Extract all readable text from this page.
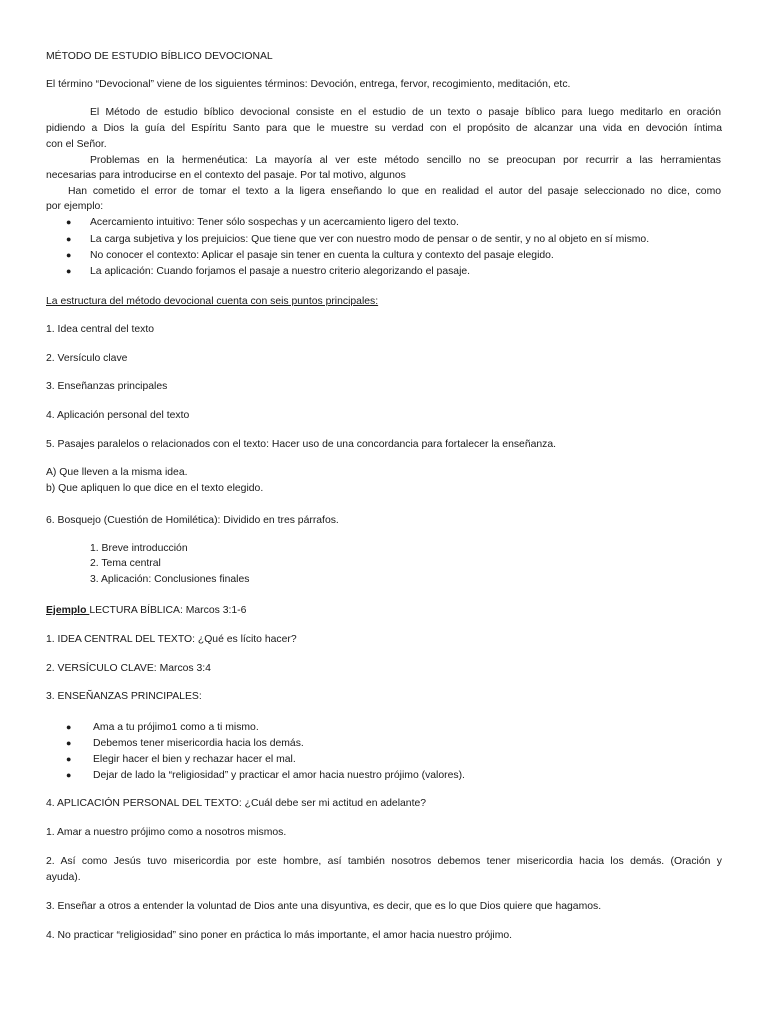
MÉTODO DE ESTUDIO BÍBLICO DEVOCIONAL
El término “Devocional” viene de los siguientes términos: Devoción, entrega, fervor, recogimiento, meditación, etc.
El Método de estudio bíblico devocional consiste en el estudio de un texto o pasaje bíblico para luego meditarlo en oración
pidiendo a Dios la guía del Espíritu Santo para que le muestre su verdad con el propósito de alcanzar una vida en devoción íntima
con el Señor.
Problemas en la hermenéutica: La mayoría al ver este método sencillo no se preocupan por recurrir a las herramientas
necesarias para introducirse en el contexto del pasaje. Por tal motivo, algunos
Han cometido el error de tomar el texto a la ligera enseñando lo que en realidad el autor del pasaje seleccionado no dice, como
por ejemplo:
● Acercamiento intuitivo: Tener sólo sospechas y un acercamiento ligero del texto.
● La carga subjetiva y los prejuicios: Que tiene que ver con nuestro modo de pensar o de sentir, y no al objeto en sí mismo.
● No conocer el contexto: Aplicar el pasaje sin tener en cuenta la cultura y contexto del pasaje elegido.
● La aplicación: Cuando forjamos el pasaje a nuestro criterio alegorizando el pasaje.
La estructura del método devocional cuenta con seis puntos principales:
1. Idea central del texto
2. Versículo clave
3. Enseñanzas principales
4. Aplicación personal del texto
5. Pasajes paralelos o relacionados con el texto: Hacer uso de una concordancia para fortalecer la enseñanza.
A) Que lleven a la misma idea.
b) Que apliquen lo que dice en el texto elegido.
6. Bosquejo (Cuestión de Homilética): Dividido en tres párrafos.
1. Breve introducción
2. Tema central
3. Aplicación: Conclusiones finales
Ejemplo LECTURA BÍBLICA: Marcos 3:1-6
1. IDEA CENTRAL DEL TEXTO: ¿Qué es lícito hacer?
2. VERSÍCULO CLAVE: Marcos 3:4
3. ENSEÑANZAS PRINCIPALES:
● Ama a tu prójimo1 como a ti mismo.
● Debemos tener misericordia hacia los demás.
● Elegir hacer el bien y rechazar hacer el mal.
● Dejar de lado la “religiosidad” y practicar el amor hacia nuestro prójimo (valores).
4. APLICACIÓN PERSONAL DEL TEXTO: ¿Cuál debe ser mi actitud en adelante?
1. Amar a nuestro prójimo como a nosotros mismos.
2. Así como Jesús tuvo misericordia por este hombre, así también nosotros debemos tener misericordia hacia los demás. (Oración y
ayuda).
3. Enseñar a otros a entender la voluntad de Dios ante una disyuntiva, es decir, que es lo que Dios quiere que hagamos.
4. No practicar “religiosidad” sino poner en práctica lo más importante, el amor hacia nuestro prójimo.
